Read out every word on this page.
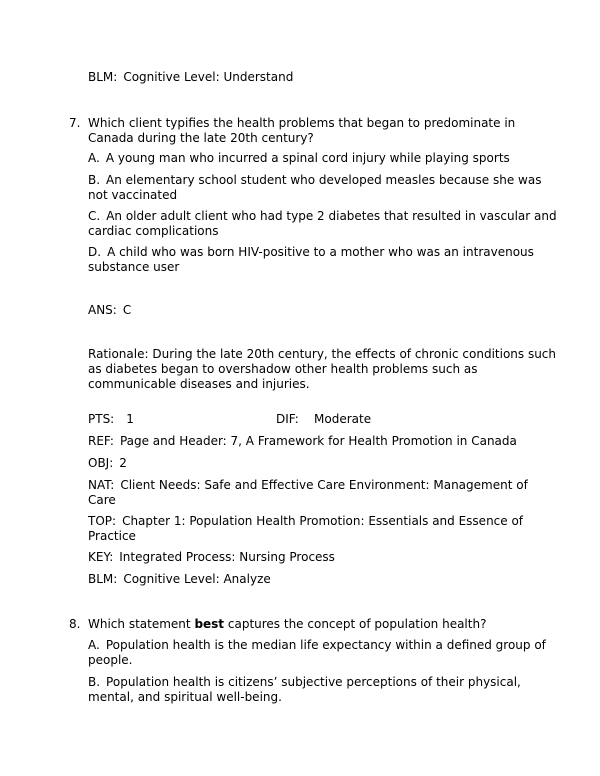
BLM: Cognitive Level: Understand
7. Which client typifies the health problems that began to predominate in
Canada during the late 20th century?
A. A young man who incurred a spinal cord injury while playing sports
B. An elementary school student who developed measles because she was
not vaccinated
C. An older adult client who had type 2 diabetes that resulted in vascular and
cardiac complications
D. A child who was born HIV-positive to a mother who was an intravenous
substance user
ANS: C
Rationale: During the late 20th century, the effects of chronic conditions such
as diabetes began to overshadow other health problems such as
communicable diseases and injuries.
PTS: 1	DIF: Moderate
REF: Page and Header: 7, A Framework for Health Promotion in Canada
OBJ: 2
NAT: Client Needs: Safe and Effective Care Environment: Management of
Care
TOP: Chapter 1: Population Health Promotion: Essentials and Essence of
Practice
KEY: Integrated Process: Nursing Process
BLM: Cognitive Level: Analyze
8. Which statement best captures the concept of population health?
A. Population health is the median life expectancy within a defined group of
people.
B. Population health is citizens’ subjective perceptions of their physical,
mental, and spiritual well-being.
